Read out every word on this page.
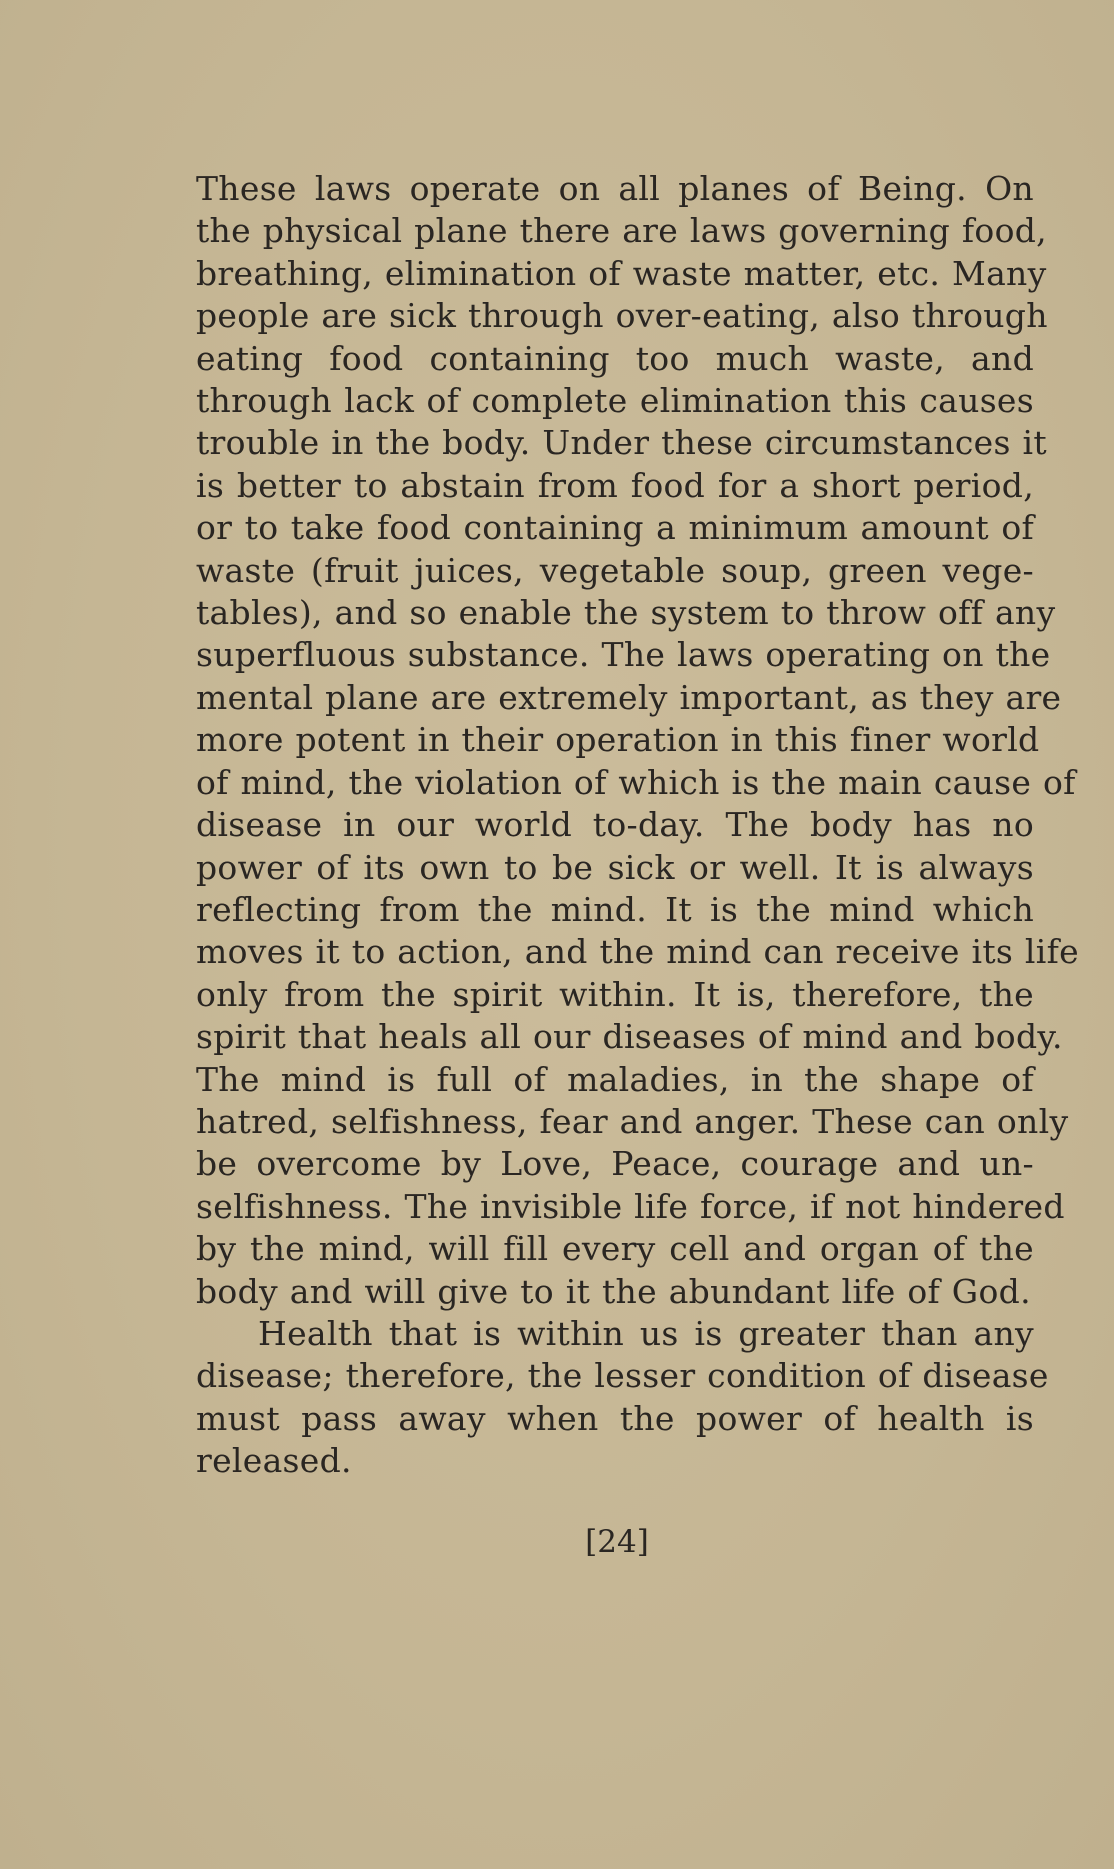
These laws operate on all planes of Being. On
the physical plane there are laws governing food,
breathing, elimination of waste matter, etc. Many
people are sick through over-eating, also through
eating food containing too much waste, and
through lack of complete elimination this causes
trouble in the body. Under these circumstances it
is better to abstain from food for a short period,
or to take food containing a minimum amount of
waste (fruit juices, vegetable soup, green vege-
tables), and so enable the system to throw off any
superfluous substance. The laws operating on the
mental plane are extremely important, as they are
more potent in their operation in this finer world
of mind, the violation of which is the main cause of
disease in our world to-day. The body has no
power of its own to be sick or well. It is always
reflecting from the mind. It is the mind which
moves it to action, and the mind can receive its life
only from the spirit within. It is, therefore, the
spirit that heals all our diseases of mind and body.
The mind is full of maladies, in the shape of
hatred, selfishness, fear and anger. These can only
be overcome by Love, Peace, courage and un-
selfishness. The invisible life force, if not hindered
by the mind, will fill every cell and organ of the
body and will give to it the abundant life of God.
Health that is within us is greater than any
disease; therefore, the lesser condition of disease
must pass away when the power of health is
released.
[24]
